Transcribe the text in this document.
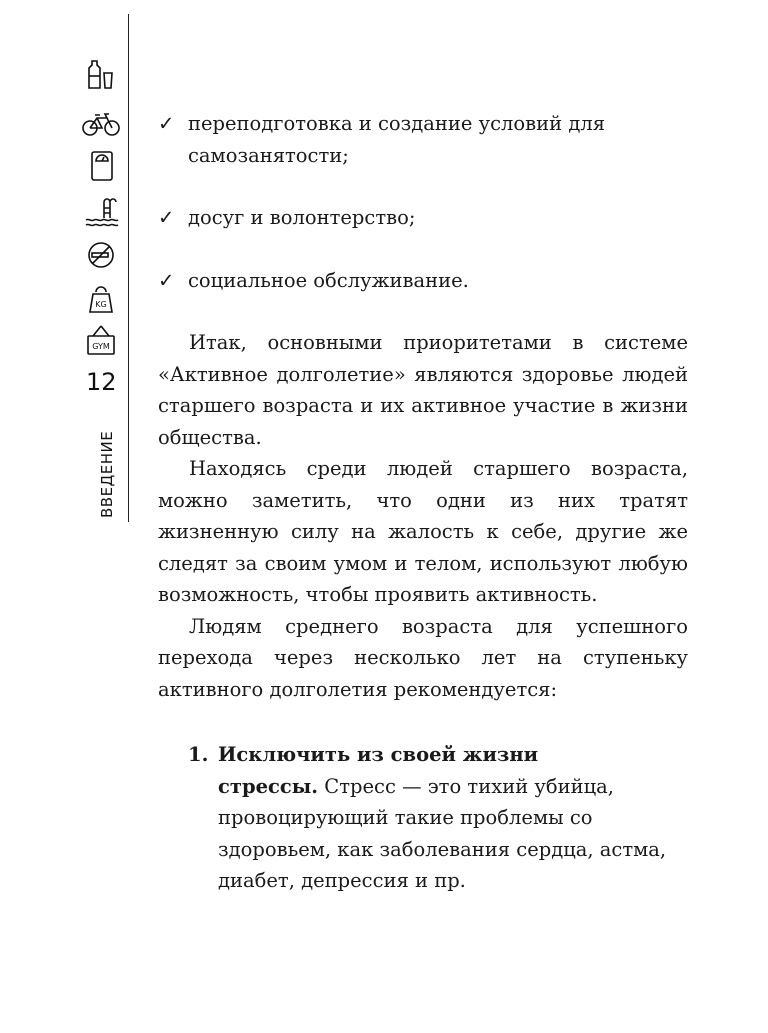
KG
GYM
12
ВВЕДЕНИЕ
✓ переподготовка и создание условий для самозанятости;
✓ досуг и волонтерство;
✓ социальное обслуживание.

Итак, основными приоритетами в системе «Активное долголетие» являются здоровье людей старшего возраста и их активное участие в жизни общества.

Находясь среди людей старшего возраста, можно заметить, что одни из них тратят жизненную силу на жалость к себе, другие же следят за своим умом и телом, используют любую возможность, чтобы проявить активность.

Людям среднего возраста для успешного перехода через несколько лет на ступеньку активного долголетия рекомендуется:

1. Исключить из своей жизни
стрессы. Стресс — это тихий убийца, провоцирующий такие проблемы со здоровьем, как заболевания сердца, астма, диабет, депрессия и пр.
